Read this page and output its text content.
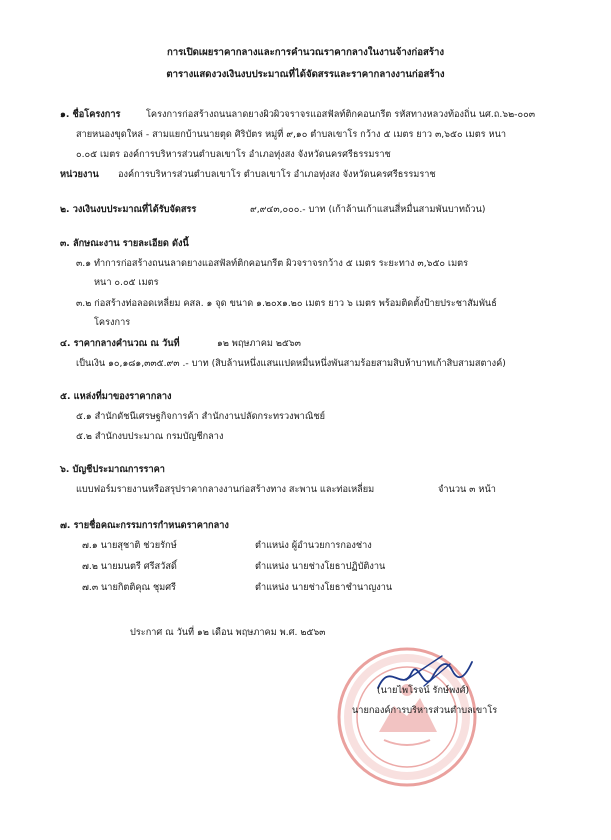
การเปิดเผยราคากลางและการคำนวณราคากลางในงานจ้างก่อสร้าง
ตารางแสดงวงเงินงบประมาณที่ได้จัดสรรและราคากลางงานก่อสร้าง
๑. ชื่อโครงการ	โครงการก่อสร้างถนนลาดยางผิวผิวจราจรแอสฟัลท์ติกคอนกรีต รหัสทางหลวงท้องถิ่น นศ.ถ.๖๒-๐๐๓
สายหนองขุดใหล่ - สามแยกบ้านนายตุด ศิริบัตร หมู่ที่ ๙,๑๐ ตำบลเขาโร กว้าง ๕ เมตร ยาว ๓,๖๕๐ เมตร หนา
๐.๐๕ เมตร องค์การบริหารส่วนตำบลเขาโร อำเภอทุ่งสง จังหวัดนครศรีธรรมราช
หน่วยงาน องค์การบริหารส่วนตำบลเขาโร ตำบลเขาโร อำเภอทุ่งสง จังหวัดนครศรีธรรมราช
๒. วงเงินงบประมาณที่ได้รับจัดสรร	๙,๙๔๓,๐๐๐.- บาท (เก้าล้านเก้าแสนสี่หมื่นสามพันบาทถ้วน)
๓. ลักษณะงาน รายละเอียด ดังนี้
๓.๑ ทำการก่อสร้างถนนลาดยางแอสฟัลท์ติกคอนกรีต ผิวจราจรกว้าง ๕ เมตร ระยะทาง ๓,๖๕๐ เมตร
หนา ๐.๐๕ เมตร
๓.๒ ก่อสร้างท่อลอดเหลี่ยม คสล. ๑ จุด ขนาด ๑.๒๐x๑.๒๐ เมตร ยาว ๖ เมตร พร้อมติดตั้งป้ายประชาสัมพันธ์
โครงการ
๔. ราคากลางคำนวณ ณ วันที่	๑๒ พฤษภาคม ๒๕๖๓
เป็นเงิน ๑๐,๑๘๑,๓๓๕.๙๓ .- บาท (สิบล้านหนึ่งแสนแปดหมื่นหนึ่งพันสามร้อยสามสิบห้าบาทเก้าสิบสามสตางค์)
๕. แหล่งที่มาของราคากลาง
๕.๑ สำนักดัชนีเศรษฐกิจการค้า สำนักงานปลัดกระทรวงพาณิชย์
๕.๒ สำนักงบประมาณ กรมบัญชีกลาง
๖. บัญชีประมาณการราคา
แบบฟอร์มรายงานหรือสรุปราคากลางงานก่อสร้างทาง สะพาน และท่อเหลี่ยม	จำนวน ๓ หน้า
๗. รายชื่อคณะกรรมการกำหนดราคากลาง
๗.๑ นายสุชาติ ช่วยรักษ์	ตำแหน่ง ผู้อำนวยการกองช่าง
๗.๒ นายมนตรี ศรีสวัสดิ์	ตำแหน่ง นายช่างโยธาปฏิบัติงาน
๗.๓ นายกิตติคุณ ชุมศรี	ตำแหน่ง นายช่างโยธาชำนาญงาน
ประกาศ ณ วันที่ ๑๒ เดือน พฤษภาคม พ.ศ. ๒๕๖๓
(นายไพโรจน์ รักษ์พงศ์)
นายกองค์การบริหารส่วนตำบลเขาโร
